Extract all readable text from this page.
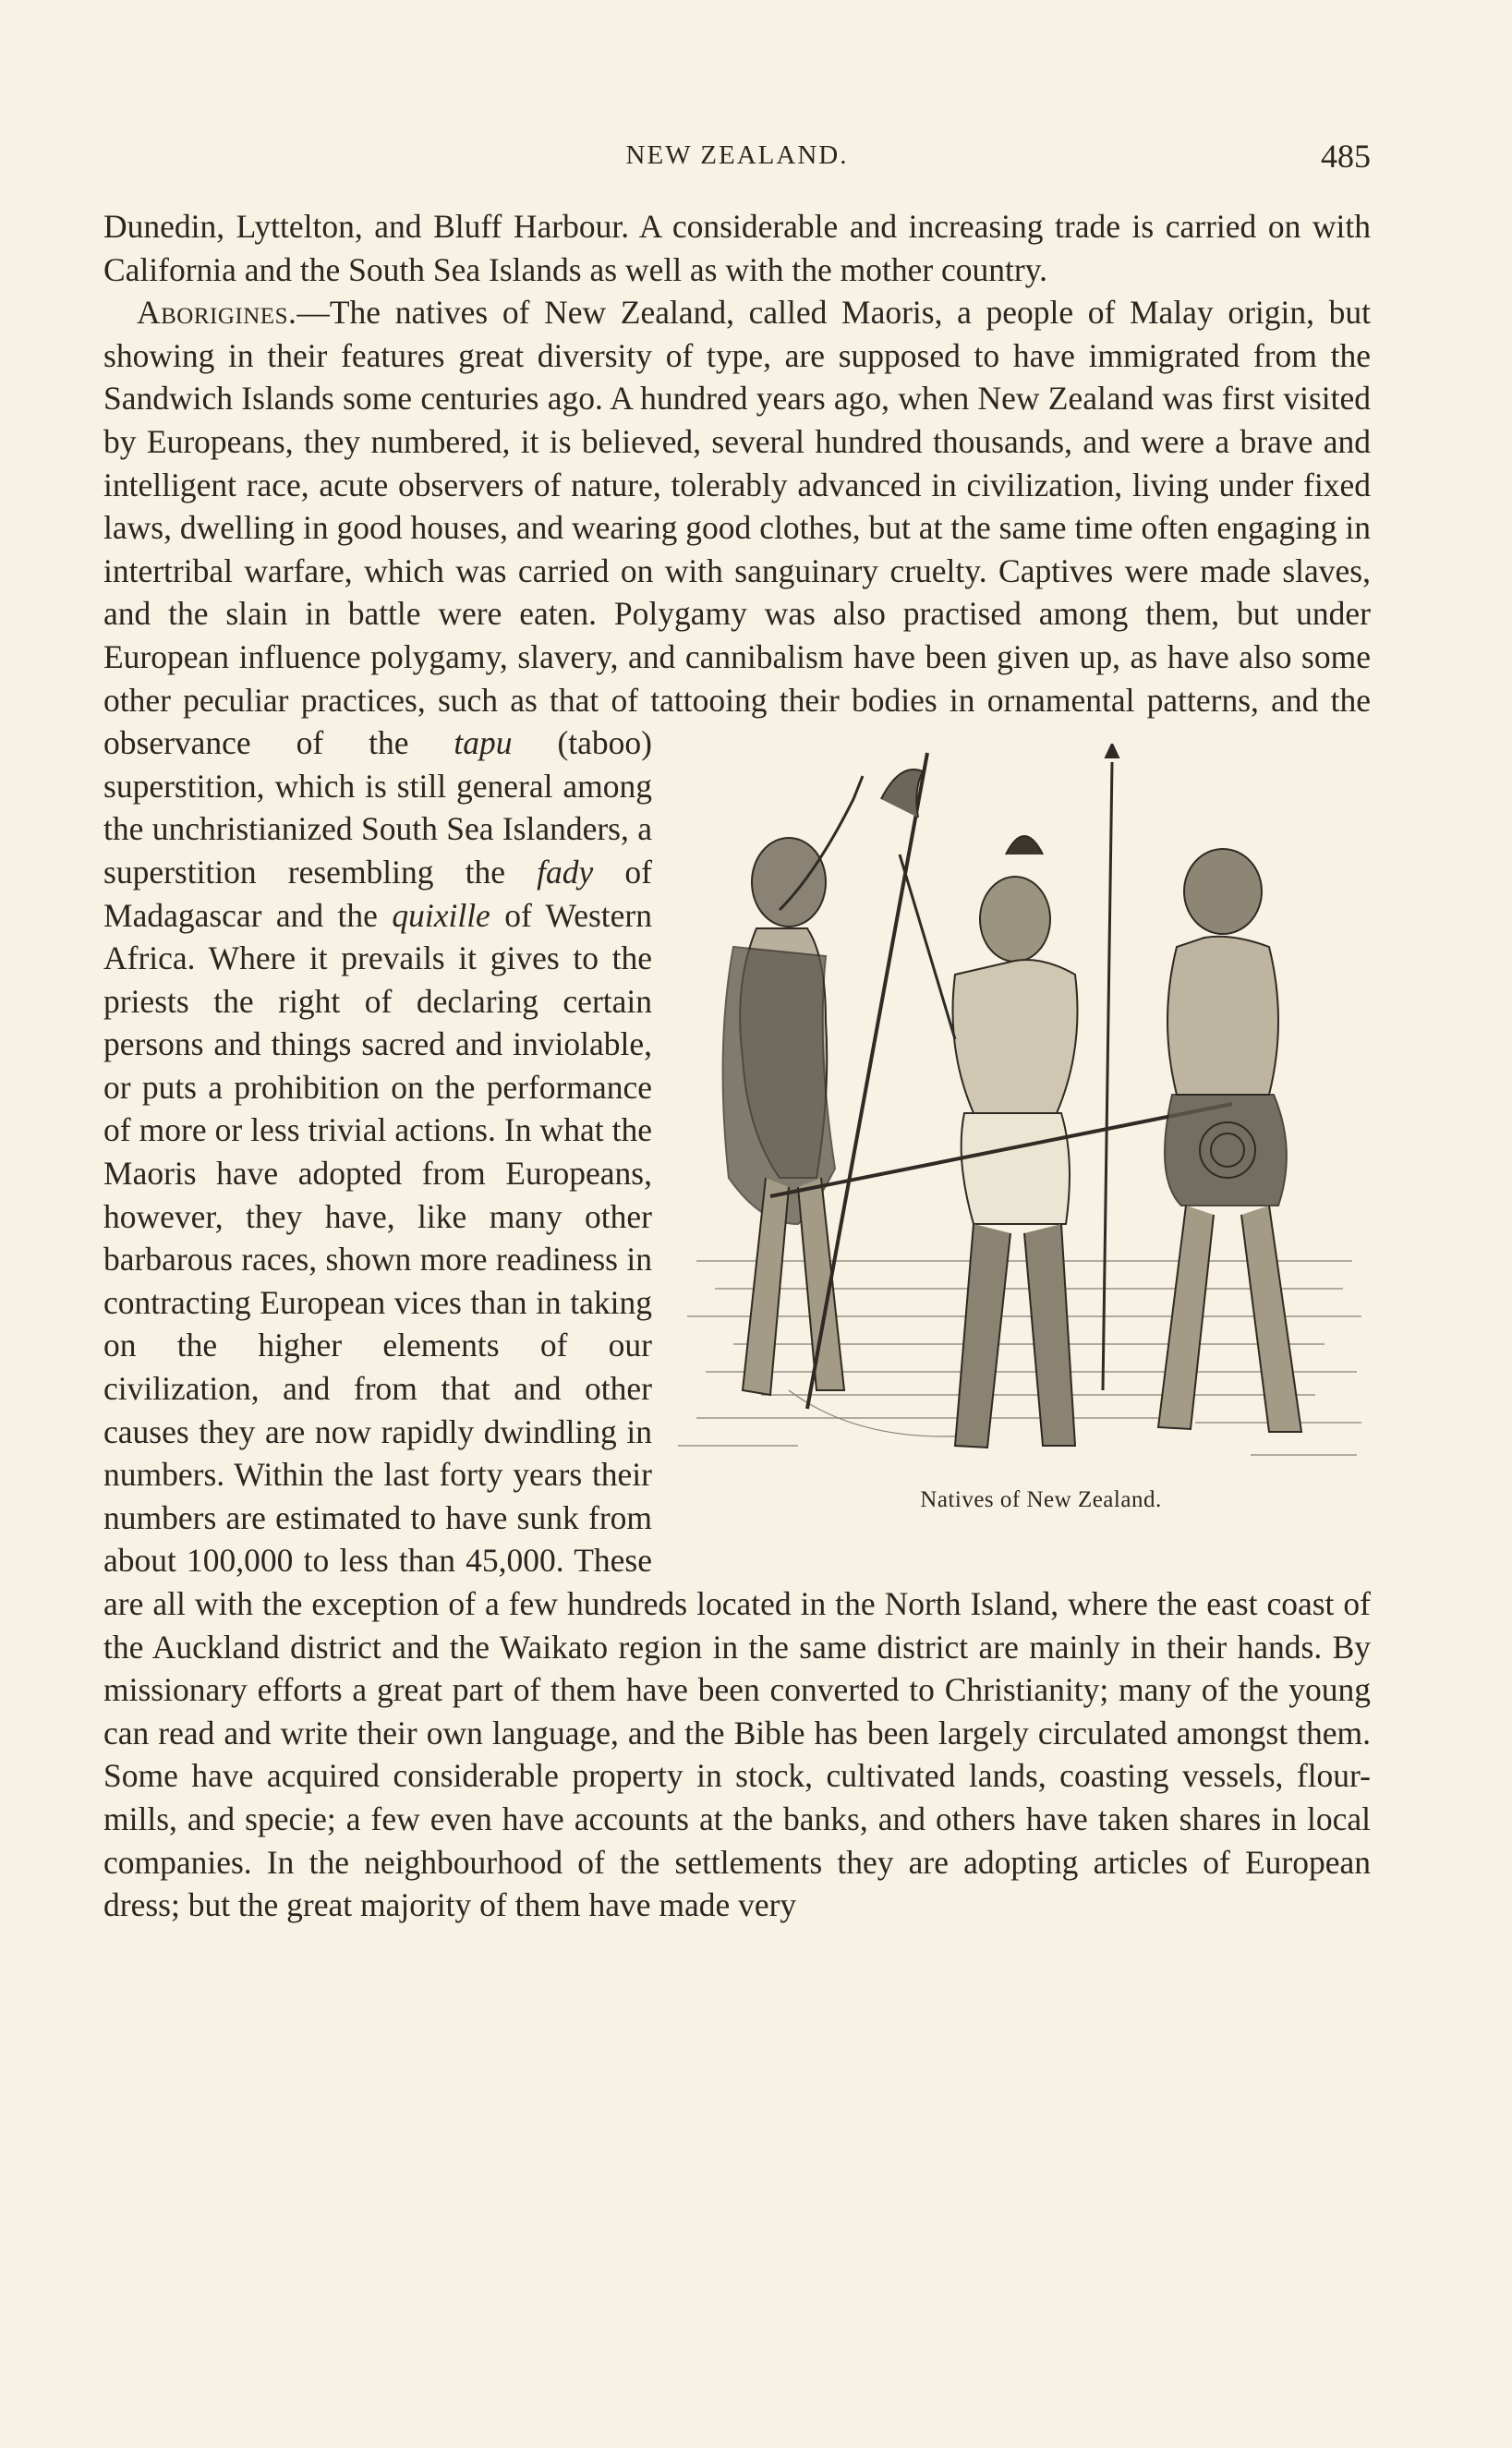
NEW ZEALAND.	485

Dunedin, Lyttelton, and Bluff Harbour. A considerable and increasing trade is carried on with California and the South Sea Islands as well as with the mother country.

Aborigines.—The natives of New Zealand, called Maoris, a people of Malay origin, but showing in their features great diversity of type, are supposed to have immigrated from the Sandwich Islands some centuries ago. A hundred years ago, when New Zealand was first visited by Europeans, they numbered, it is believed, several hundred thousands, and were a brave and intelligent race, acute observers of nature, tolerably advanced in civilization, living under fixed laws, dwelling in good houses, and wearing good clothes, but at the same time often engaging in intertribal warfare, which was carried on with sanguinary cruelty. Captives were made slaves, and the slain in battle were eaten. Polygamy was also practised among them, but under European influence polygamy, slavery, and cannibalism have been given up, as have also some other peculiar practices, such as that of tattooing their bodies in ornamental patterns, and the observance of the
Natives of New Zealand.
tapu (taboo) superstition, which is still general among the unchristianized South Sea Islanders, a superstition resembling the fady of Madagascar and the quixille of Western Africa. Where it prevails it gives to the priests the right of declaring certain persons and things sacred and inviolable, or puts a prohibition on the performance of more or less trivial actions. In what the Maoris have adopted from Europeans, however, they have, like many other barbarous races, shown more readiness in contracting European vices than in taking on the higher elements of our civilization, and from that and other causes they are now rapidly dwindling in numbers. Within the last forty years their numbers are estimated to have sunk from about 100,000 to less than 45,000. These are all with the exception of a few hundreds located in the North Island, where the east coast of the Auckland district and the Waikato region in the same district are mainly in their hands. By missionary efforts a great part of them have been converted to Christianity; many of the young can read and write their own language, and the Bible has been largely circulated amongst them. Some have acquired considerable property in stock, cultivated lands, coasting vessels, flour-mills, and specie; a few even have accounts at the banks, and others have taken shares in local companies. In the neighbourhood of the settlements they are adopting articles of European dress; but the great majority of them have made very
